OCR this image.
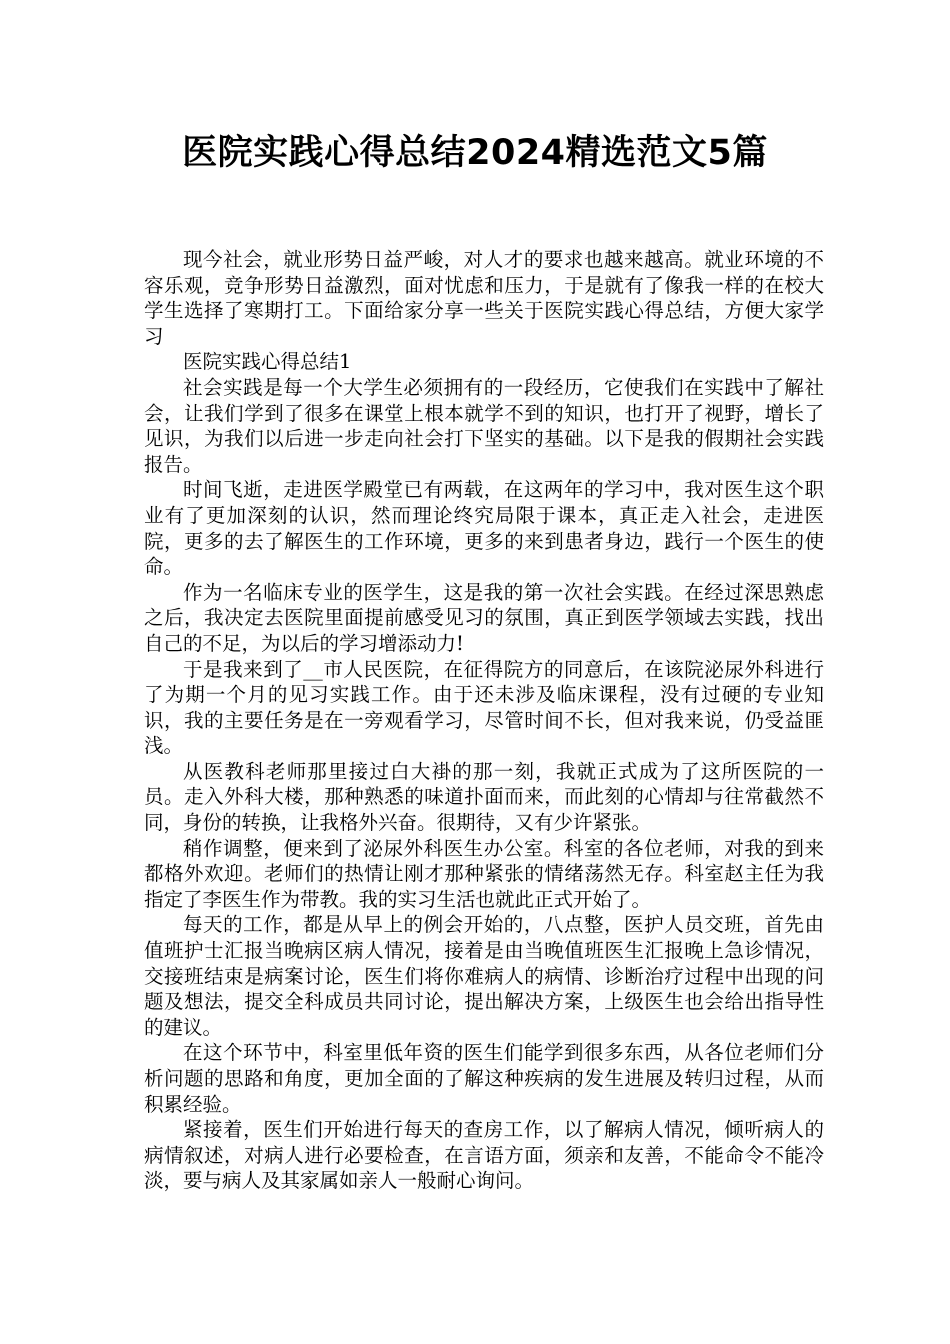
医院实践心得总结2024精选范文5篇

现今社会，就业形势日益严峻，对人才的要求也越来越高。就业环境的不容乐观，竞争形势日益激烈，面对忧虑和压力，于是就有了像我一样的在校大学生选择了寒期打工。下面给家分享一些关于医院实践心得总结，方便大家学习

医院实践心得总结1

社会实践是每一个大学生必须拥有的一段经历，它使我们在实践中了解社会，让我们学到了很多在课堂上根本就学不到的知识，也打开了视野，增长了见识，为我们以后进一步走向社会打下坚实的基础。以下是我的假期社会实践报告。

时间飞逝，走进医学殿堂已有两载，在这两年的学习中，我对医生这个职业有了更加深刻的认识，然而理论终究局限于课本，真正走入社会，走进医院，更多的去了解医生的工作环境，更多的来到患者身边，践行一个医生的使命。

作为一名临床专业的医学生，这是我的第一次社会实践。在经过深思熟虑之后，我决定去医院里面提前感受见习的氛围，真正到医学领域去实践，找出自己的不足，为以后的学习增添动力!

于是我来到了__市人民医院，在征得院方的同意后，在该院泌尿外科进行了为期一个月的见习实践工作。由于还未涉及临床课程，没有过硬的专业知识，我的主要任务是在一旁观看学习，尽管时间不长，但对我来说，仍受益匪浅。

从医教科老师那里接过白大褂的那一刻，我就正式成为了这所医院的一员。走入外科大楼，那种熟悉的味道扑面而来，而此刻的心情却与往常截然不同，身份的转换，让我格外兴奋。很期待，又有少许紧张。

稍作调整，便来到了泌尿外科医生办公室。科室的各位老师，对我的到来都格外欢迎。老师们的热情让刚才那种紧张的情绪荡然无存。科室赵主任为我指定了李医生作为带教。我的实习生活也就此正式开始了。

每天的工作，都是从早上的例会开始的，八点整，医护人员交班，首先由值班护士汇报当晚病区病人情况，接着是由当晚值班医生汇报晚上急诊情况，交接班结束是病案讨论，医生们将你难病人的病情、诊断治疗过程中出现的问题及想法，提交全科成员共同讨论，提出解决方案，上级医生也会给出指导性的建议。

在这个环节中，科室里低年资的医生们能学到很多东西，从各位老师们分析问题的思路和角度，更加全面的了解这种疾病的发生进展及转归过程，从而积累经验。

紧接着，医生们开始进行每天的查房工作，以了解病人情况，倾听病人的病情叙述，对病人进行必要检查，在言语方面，须亲和友善，不能命令不能冷淡，要与病人及其家属如亲人一般耐心询问。
